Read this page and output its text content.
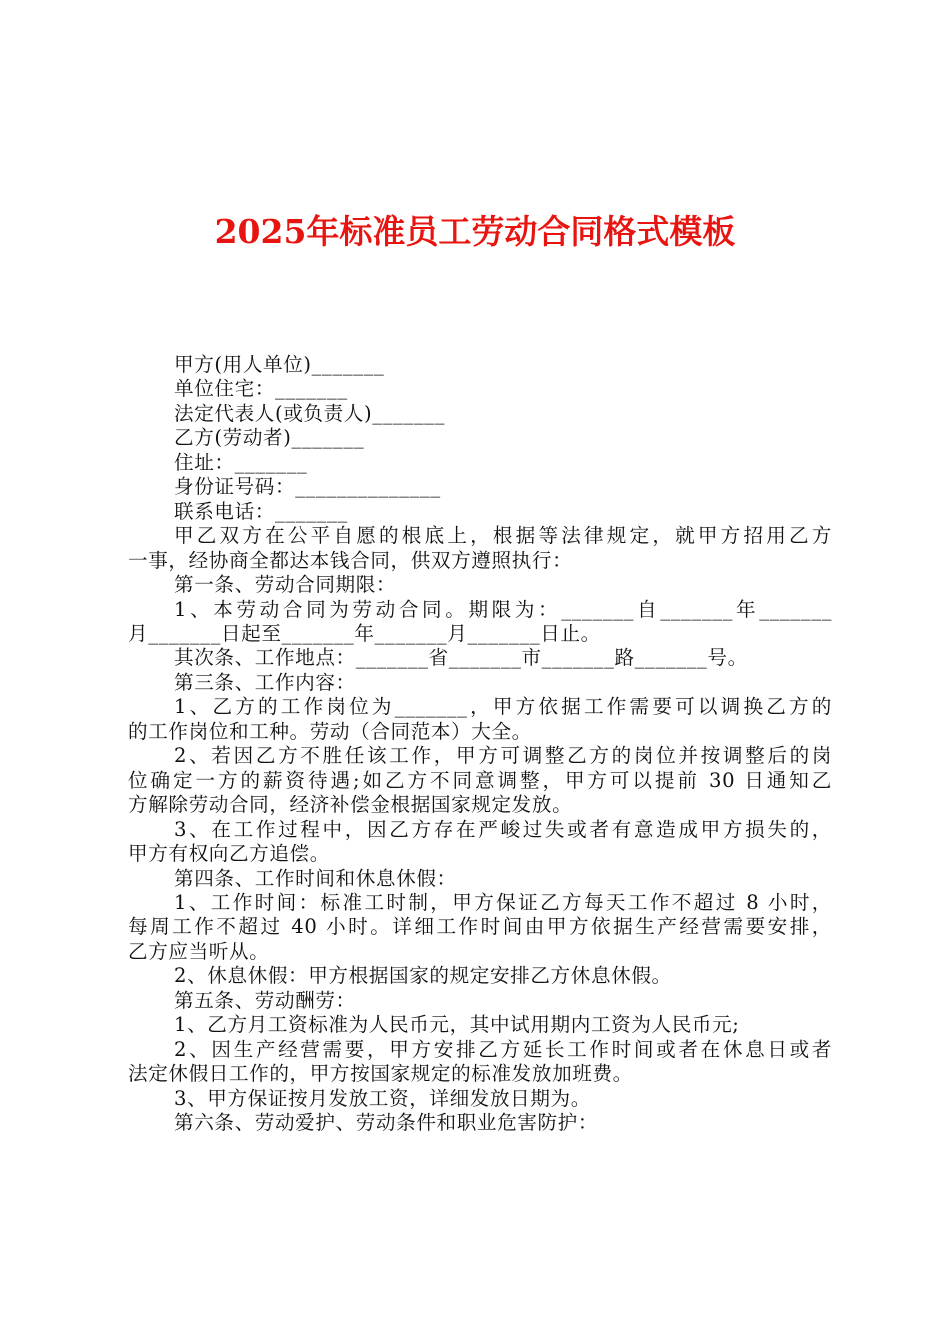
2025年标准员工劳动合同格式模板
甲方(用人单位)_______
单位住宅：_______
法定代表人(或负责人)_______
乙方(劳动者)_______
住址：_______
身份证号码：______________
联系电话：_______
甲乙双方在公平自愿的根底上，根据等法律规定，就甲方招用乙方
一事，经协商全都达本钱合同，供双方遵照执行：
第一条、劳动合同期限：
1、本劳动合同为劳动合同。期限为：_______自_______年_______
月_______日起至_______年_______月_______日止。
其次条、工作地点：_______省_______市_______路_______号。
第三条、工作内容：
1、乙方的工作岗位为_______，甲方依据工作需要可以调换乙方的
的工作岗位和工种。劳动（合同范本）大全。
2、若因乙方不胜任该工作，甲方可调整乙方的岗位并按调整后的岗
位确定一方的薪资待遇;如乙方不同意调整，甲方可以提前 30 日通知乙
方解除劳动合同，经济补偿金根据国家规定发放。
3、在工作过程中，因乙方存在严峻过失或者有意造成甲方损失的，
甲方有权向乙方追偿。
第四条、工作时间和休息休假：
1、工作时间：标准工时制，甲方保证乙方每天工作不超过 8 小时，
每周工作不超过 40 小时。详细工作时间由甲方依据生产经营需要安排，
乙方应当听从。
2、休息休假：甲方根据国家的规定安排乙方休息休假。
第五条、劳动酬劳：
1、乙方月工资标准为人民币元，其中试用期内工资为人民币元;
2、因生产经营需要，甲方安排乙方延长工作时间或者在休息日或者
法定休假日工作的，甲方按国家规定的标准发放加班费。
3、甲方保证按月发放工资，详细发放日期为。
第六条、劳动爱护、劳动条件和职业危害防护：
